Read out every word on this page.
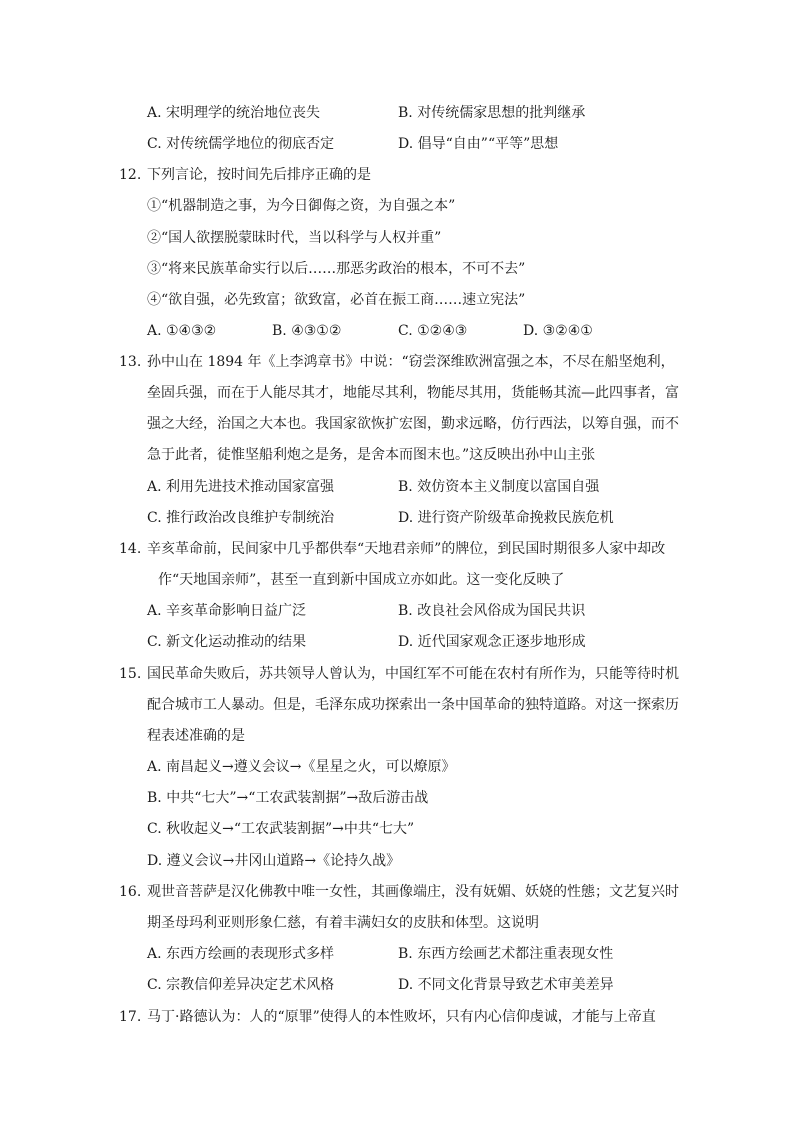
A. 宋明理学的统治地位丧失	B. 对传统儒家思想的批判继承
C. 对传统儒学地位的彻底否定	D. 倡导“自由”“平等”思想
12. 下列言论，按时间先后排序正确的是
①“机器制造之事，为今日御侮之资，为自强之本”
②“国人欲摆脱蒙昧时代，当以科学与人权并重”
③“将来民族革命实行以后……那恶劣政治的根本，不可不去”
④“欲自强，必先致富；欲致富，必首在振工商……速立宪法”
A. ①④③②	B. ④③①②	C. ①②④③	D. ③②④①
13. 孙中山在 1894 年《上李鸿章书》中说：“窃尝深维欧洲富强之本，不尽在船坚炮利，
垒固兵强，而在于人能尽其才，地能尽其利，物能尽其用，货能畅其流—此四事者，富
强之大经，治国之大本也。我国家欲恢扩宏图，勤求远略，仿行西法，以筹自强，而不
急于此者，徒惟坚船利炮之是务，是舍本而图末也。”这反映出孙中山主张
A. 利用先进技术推动国家富强	B. 效仿资本主义制度以富国自强
C. 推行政治改良维护专制统治	D. 进行资产阶级革命挽救民族危机
14. 辛亥革命前，民间家中几乎都供奉“天地君亲师”的牌位，到民国时期很多人家中却改
作“天地国亲师”，甚至一直到新中国成立亦如此。这一变化反映了
A. 辛亥革命影响日益广泛	B. 改良社会风俗成为国民共识
C. 新文化运动推动的结果	D. 近代国家观念正逐步地形成
15. 国民革命失败后，苏共领导人曾认为，中国红军不可能在农村有所作为，只能等待时机
配合城市工人暴动。但是，毛泽东成功探索出一条中国革命的独特道路。对这一探索历
程表述准确的是
A. 南昌起义→遵义会议→《星星之火，可以燎原》
B. 中共“七大”→“工农武装割据”→敌后游击战
C. 秋收起义→“工农武装割据”→中共“七大”
D. 遵义会议→井冈山道路→《论持久战》
16. 观世音菩萨是汉化佛教中唯一女性，其画像端庄，没有妩媚、妖娆的性態；文艺复兴时
期圣母玛利亚则形象仁慈，有着丰满妇女的皮肤和体型。这说明
A. 东西方绘画的表现形式多样	B. 东西方绘画艺术都注重表现女性
C. 宗教信仰差异决定艺术风格	D. 不同文化背景导致艺术审美差异
17. 马丁·路德认为：人的“原罪”使得人的本性败坏，只有内心信仰虔诚，才能与上帝直
